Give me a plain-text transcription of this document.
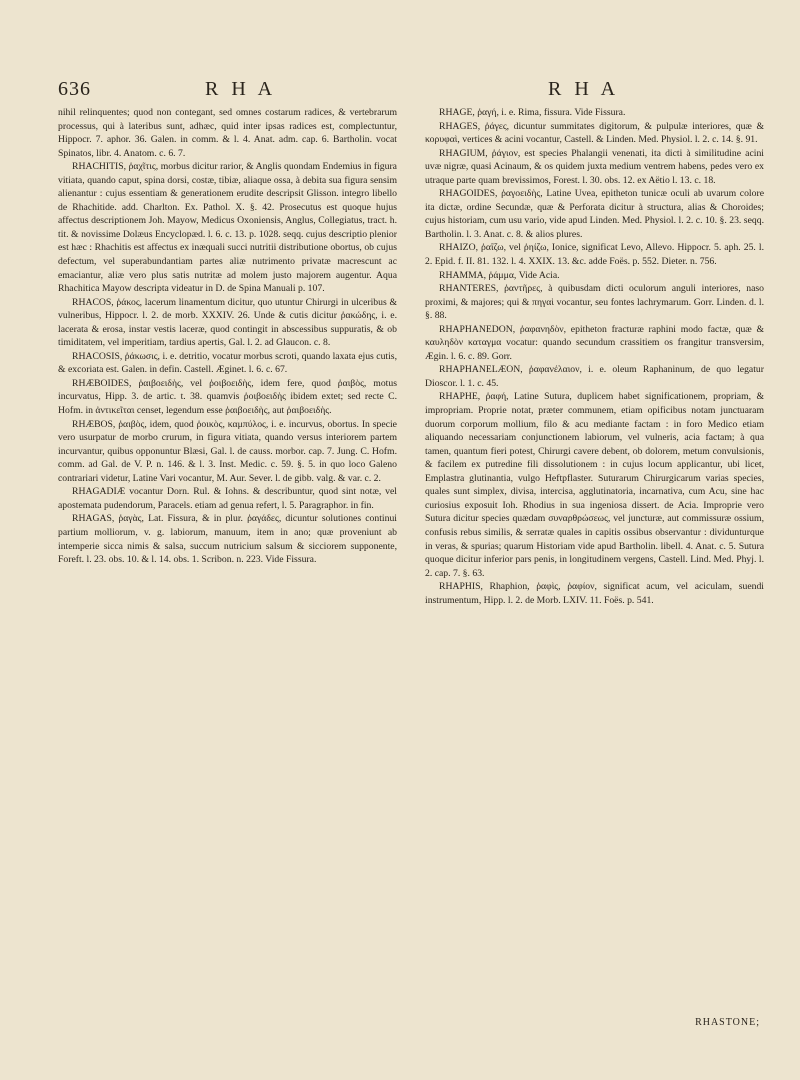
636	R H A	R H A

nihil relinquentes; quod non contegant, sed omnes costarum radices, & vertebrarum processus, qui à lateribus sunt, adhæc, quid inter ipsas radices est, complectuntur, Hippocr. 7. aphor. 36. Galen. in comm. & l. 4. Anat. adm. cap. 6. Bartholin. vocat Spinatos, libr. 4. Anatom. c. 6. 7.

RHACHITIS, ῥαχῖτις, morbus dicitur rarior, & Anglis quondam Endemius in figura vitiata, quando caput, spina dorsi, costæ, tibiæ, aliaque ossa, à debita sua figura sensim alienantur : cujus essentiam & generationem erudite descripsit Glisson. integro libello de Rhachitide. add. Charlton. Ex. Pathol. X. §. 42. Prosecutus est quoque hujus affectus descriptionem Joh. Mayow, Medicus Oxoniensis, Anglus, Collegiatus, tract. h. tit. & novissime Dolæus Encyclopæd. l. 6. c. 13. p. 1028. seqq. cujus descriptio plenior est hæc : Rhachitis est affectus ex inæquali succi nutritii distributione obortus, ob cujus defectum, vel superabundantiam partes aliæ nutrimento privatæ macrescunt ac emaciantur, aliæ vero plus satis nutritæ ad molem justo majorem augentur. Aqua Rhachitica Mayow descripta videatur in D. de Spina Manuali p. 107.

RHACOS, ῥάκος, lacerum linamentum dicitur, quo utuntur Chirurgi in ulceribus & vulneribus, Hippocr. l. 2. de morb. XXXIV. 26. Unde & cutis dicitur ῥακώδης, i. e. lacerata & erosa, instar vestis laceræ, quod contingit in abscessibus suppuratis, & ob timiditatem, vel imperitiam, tardius apertis, Gal. l. 2. ad Glaucon. c. 8.

RHACOSIS, ῥάκωσις, i. e. detritio, vocatur morbus scroti, quando laxata ejus cutis, & excoriata est. Galen. in defin. Castell. Æginet. l. 6. c. 67.

RHÆBOIDES, ῥαιβοειδὴς, vel ῥοιβοειδὴς, idem fere, quod ῥαιβὸς, motus incurvatus, Hipp. 3. de artic. t. 38. quamvis ῥοιβοειδὴς ibidem extet; sed recte C. Hofm. in ἀντικεῖται censet, legendum esse ῥαιβοειδὴς, aut ῥαιβοειδὴς.

RHÆBOS, ῥαιβὸς, idem, quod ῥοικὸς, καμπύλος, i. e. incurvus, obortus. In specie vero usurpatur de morbo crurum, in figura vitiata, quando versus interiorem partem incurvantur, quibus opponuntur Blæsi, Gal. l. de causs. morbor. cap. 7. Jung. C. Hofm. comm. ad Gal. de V. P. n. 146. & l. 3. Inst. Medic. c. 59. §. 5. in quo loco Galeno contrariari videtur, Latine Vari vocantur, M. Aur. Sever. l. de gibb. valg. & var. c. 2.

RHAGADIÆ vocantur Dorn. Rul. & Iohns. & describuntur, quod sint notæ, vel apostemata pudendorum, Paracels. etiam ad genua refert, l. 5. Paragraphor. in fin.

RHAGAS, ῥαγὰς, Lat. Fissura, & in plur. ῥαγάδες, dicuntur solutiones continui partium molliorum, v. g. labiorum, manuum, item in ano; quæ proveniunt ab intemperie sicca nimis & salsa, succum nutricium salsum & sicciorem supponente, Foreft. l. 23. obs. 10. & l. 14. obs. 1. Scribon. n. 223. Vide Fissura.

RHAGE, ῥαγή, i. e. Rima, fissura. Vide Fissura.

RHAGES, ῥάγες, dicuntur summitates digitorum, & pulpulæ interiores, quæ & κορυφαὶ, vertices & acini vocantur, Castell. & Linden. Med. Physiol. l. 2. c. 14. §. 91.

RHAGIUM, ῥάγιον, est species Phalangii venenati, ita dicti à similitudine acini uvæ nigræ, quasi Acinaum, & os quidem juxta medium ventrem habens, pedes vero ex utraque parte quam brevissimos, Forest. l. 30. obs. 12. ex Aëtio l. 13. c. 18.

RHAGOIDES, ῥαγοειδὴς, Latine Uvea, epitheton tunicæ oculi ab uvarum colore ita dictæ, ordine Secundæ, quæ & Perforata dicitur à structura, alias & Choroides; cujus historiam, cum usu vario, vide apud Linden. Med. Physiol. l. 2. c. 10. §. 23. seqq. Bartholin. l. 3. Anat. c. 8. & alios plures.

RHAIZO, ῥαΐζω, vel ῥηίζω, Ionice, significat Levo, Allevo. Hippocr. 5. aph. 25. l. 2. Epid. f. II. 81. 132. l. 4. XXIX. 13. &c. adde Foës. p. 552. Dieter. n. 756.

RHAMMA, ῥάμμα, Vide Acia.

RHANTERES, ῥαντῆρες, à quibusdam dicti oculorum anguli interiores, naso proximi, & majores; qui & πηγαὶ vocantur, seu fontes lachrymarum. Gorr. Linden. d. l. §. 88.

RHAPHANEDON, ῥαφανηδὸν, epitheton fracturæ raphini modo factæ, quæ & καυληδὸν καταγμα vocatur: quando secundum crassitiem os frangitur transversim, Ægin. l. 6. c. 89. Gorr.

RHAPHANELÆON, ῥαφανέλαιον, i. e. oleum Raphaninum, de quo legatur Dioscor. l. 1. c. 45.

RHAPHE, ῥαφή, Latine Sutura, duplicem habet significationem, propriam, & impropriam. Proprie notat, præter communem, etiam opificibus notam junctuaram duorum corporum mollium, filo & acu mediante factam : in foro Medico etiam aliquando necessariam conjunctionem labiorum, vel vulneris, acia factam; à qua tamen, quantum fieri potest, Chirurgi cavere debent, ob dolorem, metum convulsionis, & facilem ex putredine fili dissolutionem : in cujus locum applicantur, ubi licet, Emplastra glutinantia, vulgo Heftpflaster. Suturarum Chirurgicarum varias species, quales sunt simplex, divisa, intercisa, agglutinatoria, incarnativa, cum Acu, sine hac curiosius exposuit Ioh. Rhodius in sua ingeniosa dissert. de Acia. Improprie vero Sutura dicitur species quædam συναρθρώσεως, vel juncturæ, aut commissuræ ossium, confusis rebus similis, & serratæ quales in capitis ossibus observantur : dividunturque in veras, & spurias; quarum Historiam vide apud Bartholin. libell. 4. Anat. c. 5. Sutura quoque dicitur inferior pars penis, in longitudinem vergens, Castell. Lind. Med. Phyj. l. 2. cap. 7. §. 63.

RHAPHIS, Rhaphion, ῥαφὶς, ῥαφίον, significat acum, vel aciculam, suendi instrumentum, Hipp. l. 2. de Morb. LXIV. 11. Foës. p. 541.

RHASTONE;
